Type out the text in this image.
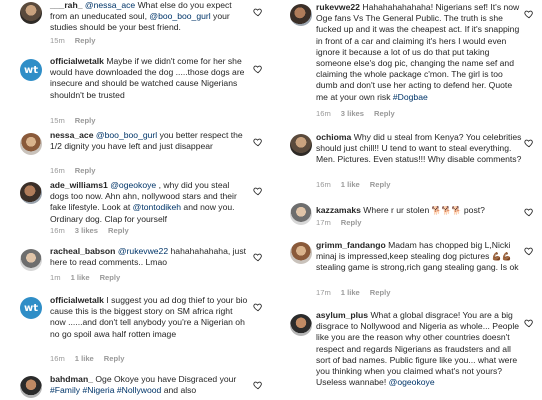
___rah_ @nessa_ace What else do you expect from an uneducated soul, @boo_boo_gurl your studies should be your best friend.
15m Reply
wt
officialwetalk Maybe if we didn't come for her she would have downloaded the dog .....those dogs are insecure and should be watched cause Nigerians shouldn't be trusted
15m Reply
nessa_ace @boo_boo_gurl you better respect the 1/2 dignity you have left and just disappear
16m Reply
ade_williams1 @ogeokoye , why did you steal dogs too now. Ahn ahn, nollywood stars and their fake lifestyle. Look at @tontodikeh and now you. Ordinary dog. Clap for yourself
16m 3 likes Reply
racheal_babson @rukevwe22 hahahahahaha, just here to read comments.. Lmao
1m 1 like Reply
wt
officialwetalk I suggest you ad dog thief to your bio cause this is the biggest story on SM africa right now ......and don't tell anybody you're a Nigerian oh no go spoil awa half rotten image
16m 1 like Reply
bahdman_ Oge Okoye you have Disgraced your #Family #Nigeria #Nollywood and also
rukevwe22 Hahahahahahaha! Nigerians sef! It's now Oge fans Vs The General Public. The truth is she fucked up and it was the cheapest act. If it's snapping in front of a car and claiming it's hers I would even ignore it because a lot of us do that put taking someone else's dog pic, changing the name sef and claiming the whole package c'mon. The girl is too dumb and don't use her acting to defend her. Quote me at your own risk #Dogbae
16m 3 likes Reply
ochioma Why did u steal from Kenya? You celebrities should just chill!! U tend to want to steal everything. Men. Pictures. Even status!!! Why disable comments?
16m 1 like Reply
kazzamaks Where r ur stolen 🐕🐕🐕 post?
17m Reply
grimm_fandango Madam has chopped big L,Nicki minaj is impressed,keep stealing dog pictures 💪🏾💪🏾 stealing game is strong,rich gang stealing gang. Is ok
17m 1 like Reply
asylum_plus What a global disgrace! You are a big disgrace to Nollywood and Nigeria as whole... People like you are the reason why other countries doesn't respect and regards Nigerians as fraudsters and all sort of bad names. Public figure like you... what were you thinking when you claimed what's not yours? Useless wannabe! @ogeokoye
